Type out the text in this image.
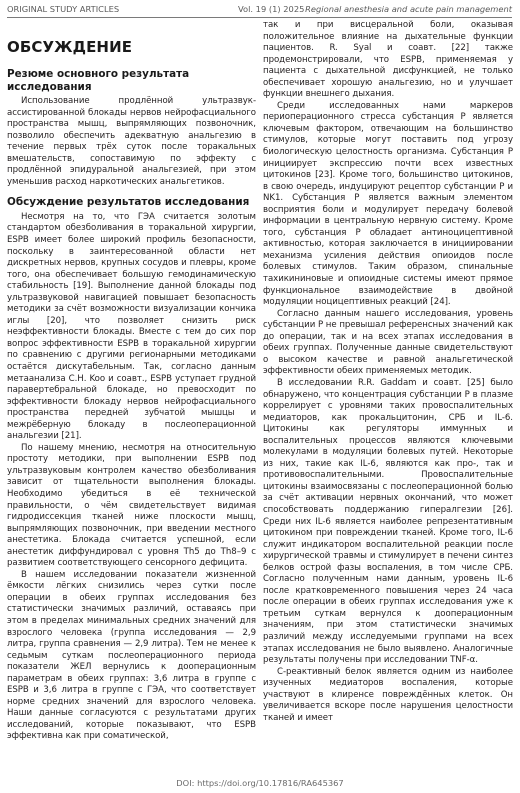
ORIGINAL STUDY ARTICLES	Vol. 19 (1) 2025 Regional anesthesia and acute pain management
ОБСУЖДЕНИЕ
Резюме основного результата исследования

Использование продлённой ультразвук-ассистированной блокады нервов нейрофасциального пространства мышц, выпрямляющих позвоночник, позволило обеспечить адекватную анальгезию в течение первых трёх суток после торакальных вмешательств, сопоставимую по эффекту с продлённой эпидуральной анальгезией, при этом уменьшив расход наркотических анальгетиков.

Обсуждение результатов исследования

Несмотря на то, что ГЭА считается золотым стандартом обезболивания в торакальной хирургии, ESPB имеет более широкий профиль безопасности, поскольку в заинтересованной области нет дискретных нервов, крупных сосудов и плевры, кроме того, она обеспечивает большую гемодинамическую стабильность [19]. Выполнение данной блокады под ультразвуковой навигацией повышает безопасность методики за счёт возможности визуализации кончика иглы [20], что позволяет снизить риск неэффективности блокады. Вместе с тем до сих пор вопрос эффективности ESPB в торакальной хирургии по сравнению с другими регионарными методиками остаётся дискутабельным. Так, согласно данным метаанализа С.Н. Koo и соавт., ESPB уступает грудной паравертебральной блокаде, но превосходит по эффективности блокаду нервов нейрофасциального пространства передней зубчатой мышцы и межрёберную блокаду в послеоперационной анальгезии [21].

По нашему мнению, несмотря на относительную простоту методики, при выполнении ESPB под ультразвуковым контролем качество обезболивания зависит от тщательности выполнения блокады. Необходимо убедиться в её технической правильности, о чём свидетельствует видимая гидродиссекция тканей ниже плоскости мышц, выпрямляющих позвоночник, при введении местного анестетика. Блокада считается успешной, если анестетик диффундировал с уровня Th5 до Th8–9 с развитием соответствующего сенсорного дефицита.

В нашем исследовании показатели жизненной ёмкости лёгких снизились через сутки после операции в обеих группах исследования без статистически значимых различий, оставаясь при этом в пределах минимальных средних значений для взрослого человека (группа исследования — 2,9 литра, группа сравнения — 2,9 литра). Тем не менее к седьмым суткам послеоперационного периода показатели ЖЕЛ вернулись к дооперационным параметрам в обеих группах: 3,6 литра в группе с ESPB и 3,6 литра в группе с ГЭА, что соответствует норме средних значений для взрослого человека. Наши данные согласуются с результатами других исследований, которые показывают, что ESPB эффективна как при соматической,

так и при висцеральной боли, оказывая положительное влияние на дыхательные функции пациентов. R. Syal и соавт. [22] также продемонстрировали, что ESPB, применяемая у пациента с дыхательной дисфункцией, не только обеспечивает хорошую анальгезию, но и улучшает функции внешнего дыхания.

Среди исследованных нами маркеров периоперационного стресса субстанция Р является ключевым фактором, отвечающим на большинство стимулов, которые могут поставить под угрозу биологическую целостность организма. Субстанция Р инициирует экспрессию почти всех известных цитокинов [23]. Кроме того, большинство цитокинов, в свою очередь, индуцируют рецептор субстанции Р и NK1. Субстанция Р является важным элементом восприятия боли и модулирует передачу болевой информации в центральную нервную систему. Кроме того, субстанция Р обладает антиноцицептивной активностью, которая заключается в инициировании механизма усиления действия опиоидов после болевых стимулов. Таким образом, спинальные тахикининовые и опиоидные системы имеют прямое функциональное взаимодействие в двойной модуляции ноцицептивных реакций [24].

Согласно данным нашего исследования, уровень субстанции Р не превышал референсных значений как до операции, так и на всех этапах исследования в обеих группах. Полученные данные свидетельствуют о высоком качестве и равной анальгетической эффективности обеих применяемых методик.

В исследовании R.R. Gaddam и соавт. [25] было обнаружено, что концентрация субстанции Р в плазме коррелирует с уровнями таких провоспалительных медиаторов, как прокальцитонин, СРБ и IL-6. Цитокины как регуляторы иммунных и воспалительных процессов являются ключевыми молекулами в модуляции болевых путей. Некоторые из них, такие как IL-6, являются как про-, так и противовоспалительными. Провоспалительные цитокины взаимосвязаны с послеоперационной болью за счёт активации нервных окончаний, что может способствовать поддержанию гипералгезии [26]. Среди них IL-6 является наиболее репрезентативным цитокином при повреждении тканей. Кроме того, IL-6 служит индикатором воспалительной реакции после хирургической травмы и стимулирует в печени синтез белков острой фазы воспаления, в том числе СРБ. Согласно полученным нами данным, уровень IL-6 после кратковременного повышения через 24 часа после операции в обеих группах исследования уже к третьим суткам вернулся к дооперационным значениям, при этом статистически значимых различий между исследуемыми группами на всех этапах исследования не было выявлено. Аналогичные результаты получены при исследовании TNF-α.

С-реактивный белок является одним из наиболее изученных медиаторов воспаления, которые участвуют в клиренсе повреждённых клеток. Он увеличивается вскоре после нарушения целостности тканей и имеет

DOI: https://doi.org/10.17816/RA645367
